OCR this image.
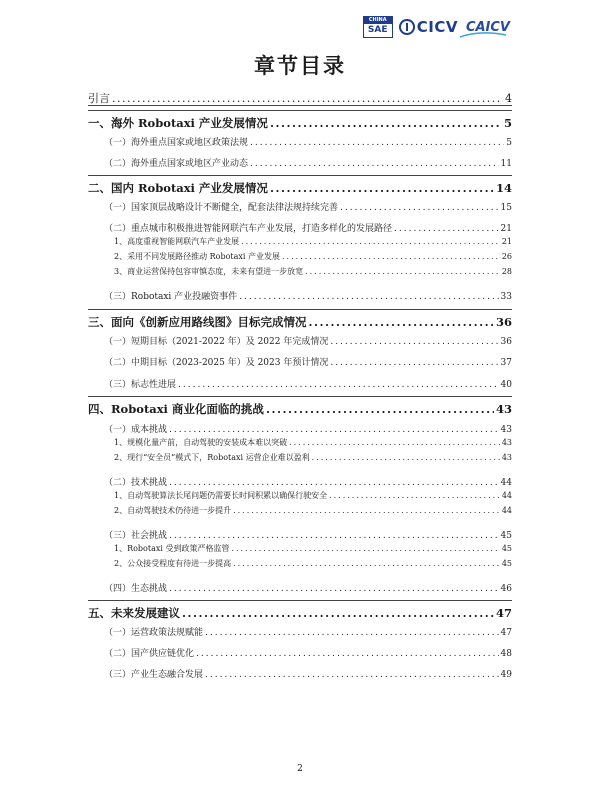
CHINA
SAE CICV CAICV
章节目录
引言 .....	4
一、海外 Robotaxi 产业发展情况 .....	5
（一）海外重点国家或地区政策法规 .....	5
（二）海外重点国家或地区产业动态 .....	11
二、国内 Robotaxi 产业发展情况 .....	14
（一）国家顶层战略设计不断健全，配套法律法规持续完善 .....	15
（二）重点城市积极推进智能网联汽车产业发展，打造多样化的发展路径 .....	21
1、高度重视智能网联汽车产业发展 .....	21
2、采用不同发展路径推动 Robotaxi 产业发展 .....	26
3、商业运营保持包容审慎态度，未来有望进一步放宽 .....	28
（三）Robotaxi 产业投融资事件 .....	33
三、面向《创新应用路线图》目标完成情况 .....	36
（一）短期目标（2021-2022 年）及 2022 年完成情况 .....	36
（二）中期目标（2023-2025 年）及 2023 年预计情况 .....	37
（三）标志性进展 .....	40
四、Robotaxi 商业化面临的挑战 .....	43
（一）成本挑战 .....	43
1、规模化量产前，自动驾驶的安装成本难以突破 .....	43
2、现行“安全员”模式下，Robotaxi 运营企业难以盈利 .....	43
（二）技术挑战 .....	44
1、自动驾驶算法长尾问题仍需要长时间积累以确保行驶安全 .....	44
2、自动驾驶技术仍待进一步提升 .....	44
（三）社会挑战 .....	45
1、Robotaxi 受到政策严格监管 .....	45
2、公众接受程度有待进一步提高 .....	45
（四）生态挑战 .....	46
五、未来发展建议 .....	47
（一）运营政策法规赋能 .....	47
（二）国产供应链优化 .....	48
（三）产业生态融合发展 .....	49
2
